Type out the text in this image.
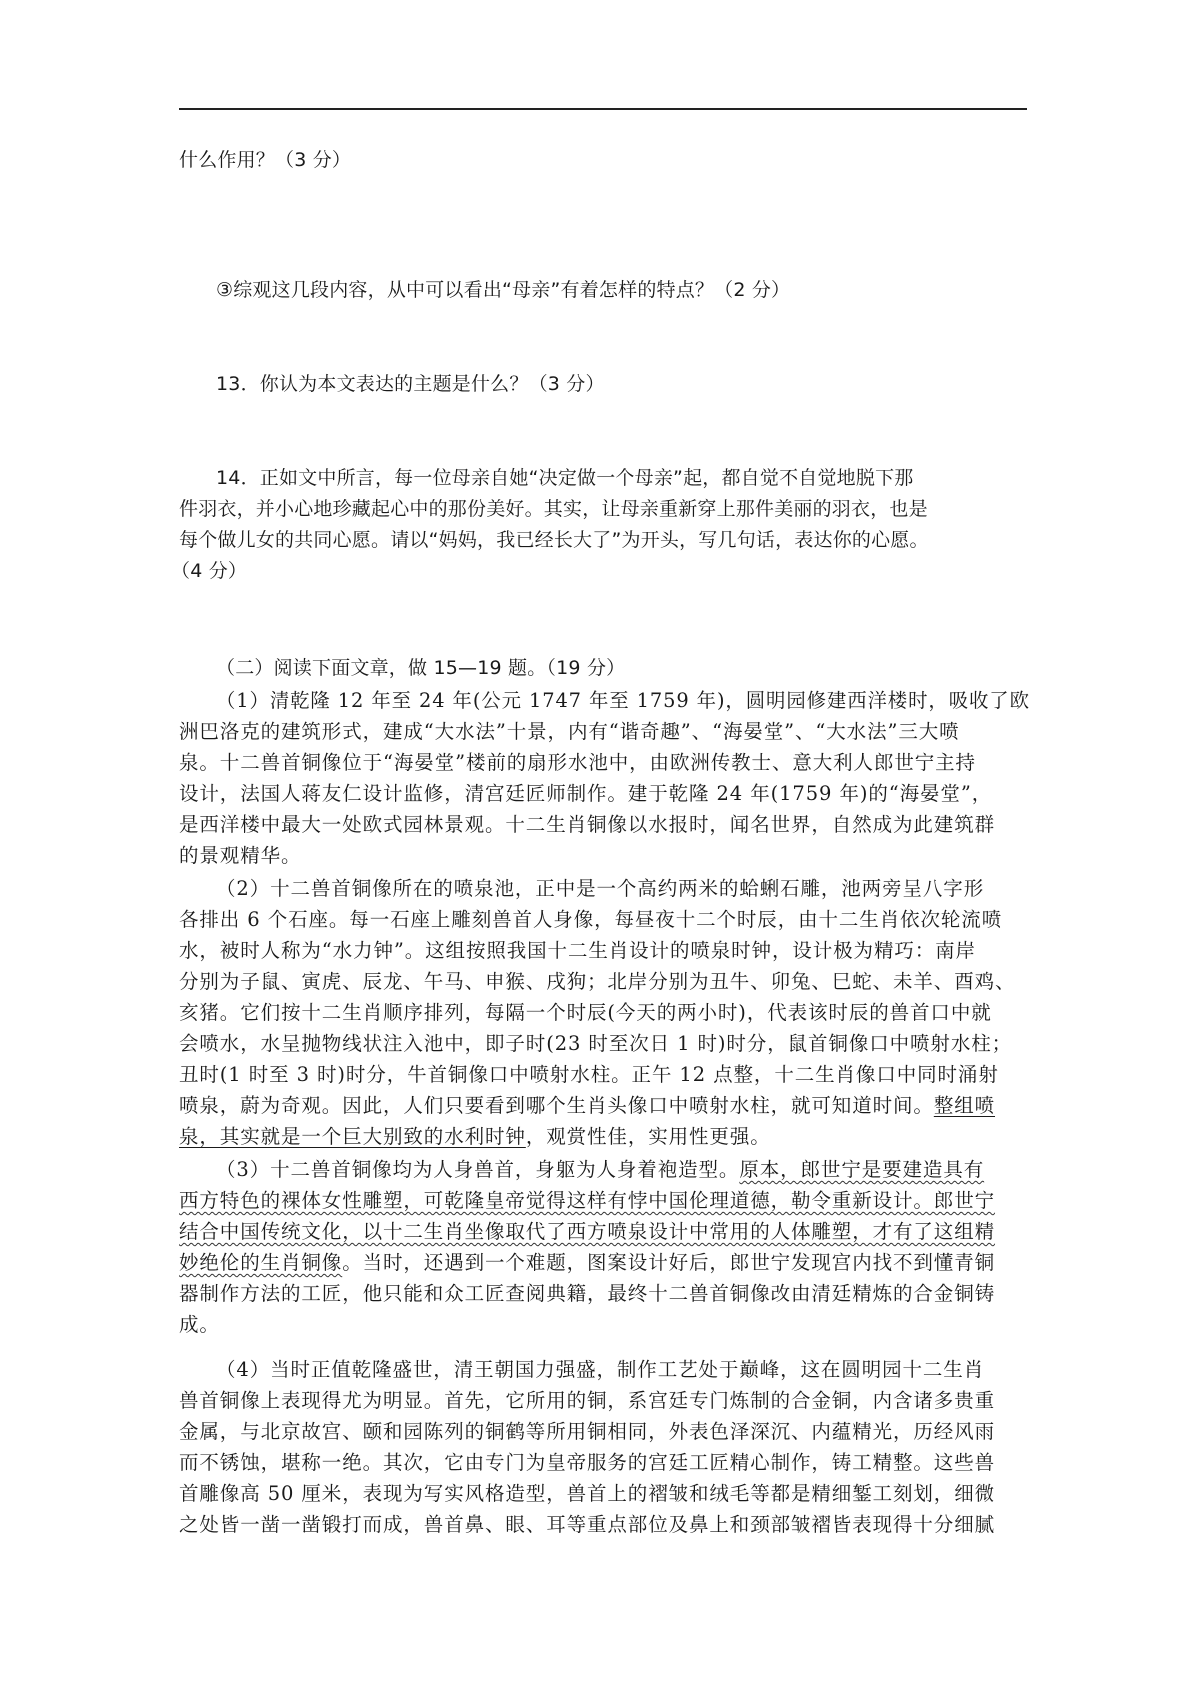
什么作用？（3 分）
③综观这几段内容，从中可以看出“母亲”有着怎样的特点？（2 分）
13．你认为本文表达的主题是什么？（3 分）
14．正如文中所言，每一位母亲自她“决定做一个母亲”起，都自觉不自觉地脱下那
件羽衣，并小心地珍藏起心中的那份美好。其实，让母亲重新穿上那件美丽的羽衣，也是
每个做儿女的共同心愿。请以“妈妈，我已经长大了”为开头，写几句话，表达你的心愿。
（4 分）
（二）阅读下面文章，做 15—19 题。（19 分）
（1）清乾隆 12 年至 24 年(公元 1747 年至 1759 年)，圆明园修建西洋楼时，吸收了欧
洲巴洛克的建筑形式，建成“大水法”十景，内有“谐奇趣”、“海晏堂”、“大水法”三大喷
泉。十二兽首铜像位于“海晏堂”楼前的扇形水池中，由欧洲传教士、意大利人郎世宁主持
设计，法国人蒋友仁设计监修，清宫廷匠师制作。建于乾隆 24 年(1759 年)的“海晏堂”，
是西洋楼中最大一处欧式园林景观。十二生肖铜像以水报时，闻名世界，自然成为此建筑群
的景观精华。
（2）十二兽首铜像所在的喷泉池，正中是一个高约两米的蛤蜊石雕，池两旁呈八字形
各排出 6 个石座。每一石座上雕刻兽首人身像，每昼夜十二个时辰，由十二生肖依次轮流喷
水，被时人称为“水力钟”。这组按照我国十二生肖设计的喷泉时钟，设计极为精巧：南岸
分别为子鼠、寅虎、辰龙、午马、申猴、戌狗；北岸分别为丑牛、卯兔、巳蛇、未羊、酉鸡、
亥猪。它们按十二生肖顺序排列，每隔一个时辰(今天的两小时)，代表该时辰的兽首口中就
会喷水，水呈抛物线状注入池中，即子时(23 时至次日 1 时)时分，鼠首铜像口中喷射水柱；
丑时(1 时至 3 时)时分，牛首铜像口中喷射水柱。正午 12 点整，十二生肖像口中同时涌射
喷泉，蔚为奇观。因此，人们只要看到哪个生肖头像口中喷射水柱，就可知道时间。整组喷
泉，其实就是一个巨大别致的水利时钟，观赏性佳，实用性更强。
（3）十二兽首铜像均为人身兽首，身躯为人身着袍造型。原本，郎世宁是要建造具有
西方特色的裸体女性雕塑，可乾隆皇帝觉得这样有悖中国伦理道德，勒令重新设计。郎世宁
结合中国传统文化，以十二生肖坐像取代了西方喷泉设计中常用的人体雕塑，才有了这组精
妙绝伦的生肖铜像。当时，还遇到一个难题，图案设计好后，郎世宁发现宫内找不到懂青铜
器制作方法的工匠，他只能和众工匠查阅典籍，最终十二兽首铜像改由清廷精炼的合金铜铸
成。
（4）当时正值乾隆盛世，清王朝国力强盛，制作工艺处于巅峰，这在圆明园十二生肖
兽首铜像上表现得尤为明显。首先，它所用的铜，系宫廷专门炼制的合金铜，内含诸多贵重
金属，与北京故宫、颐和园陈列的铜鹤等所用铜相同，外表色泽深沉、内蕴精光，历经风雨
而不锈蚀，堪称一绝。其次，它由专门为皇帝服务的宫廷工匠精心制作，铸工精整。这些兽
首雕像高 50 厘米，表现为写实风格造型，兽首上的褶皱和绒毛等都是精细錾工刻划，细微
之处皆一凿一凿锻打而成，兽首鼻、眼、耳等重点部位及鼻上和颈部皱褶皆表现得十分细腻
